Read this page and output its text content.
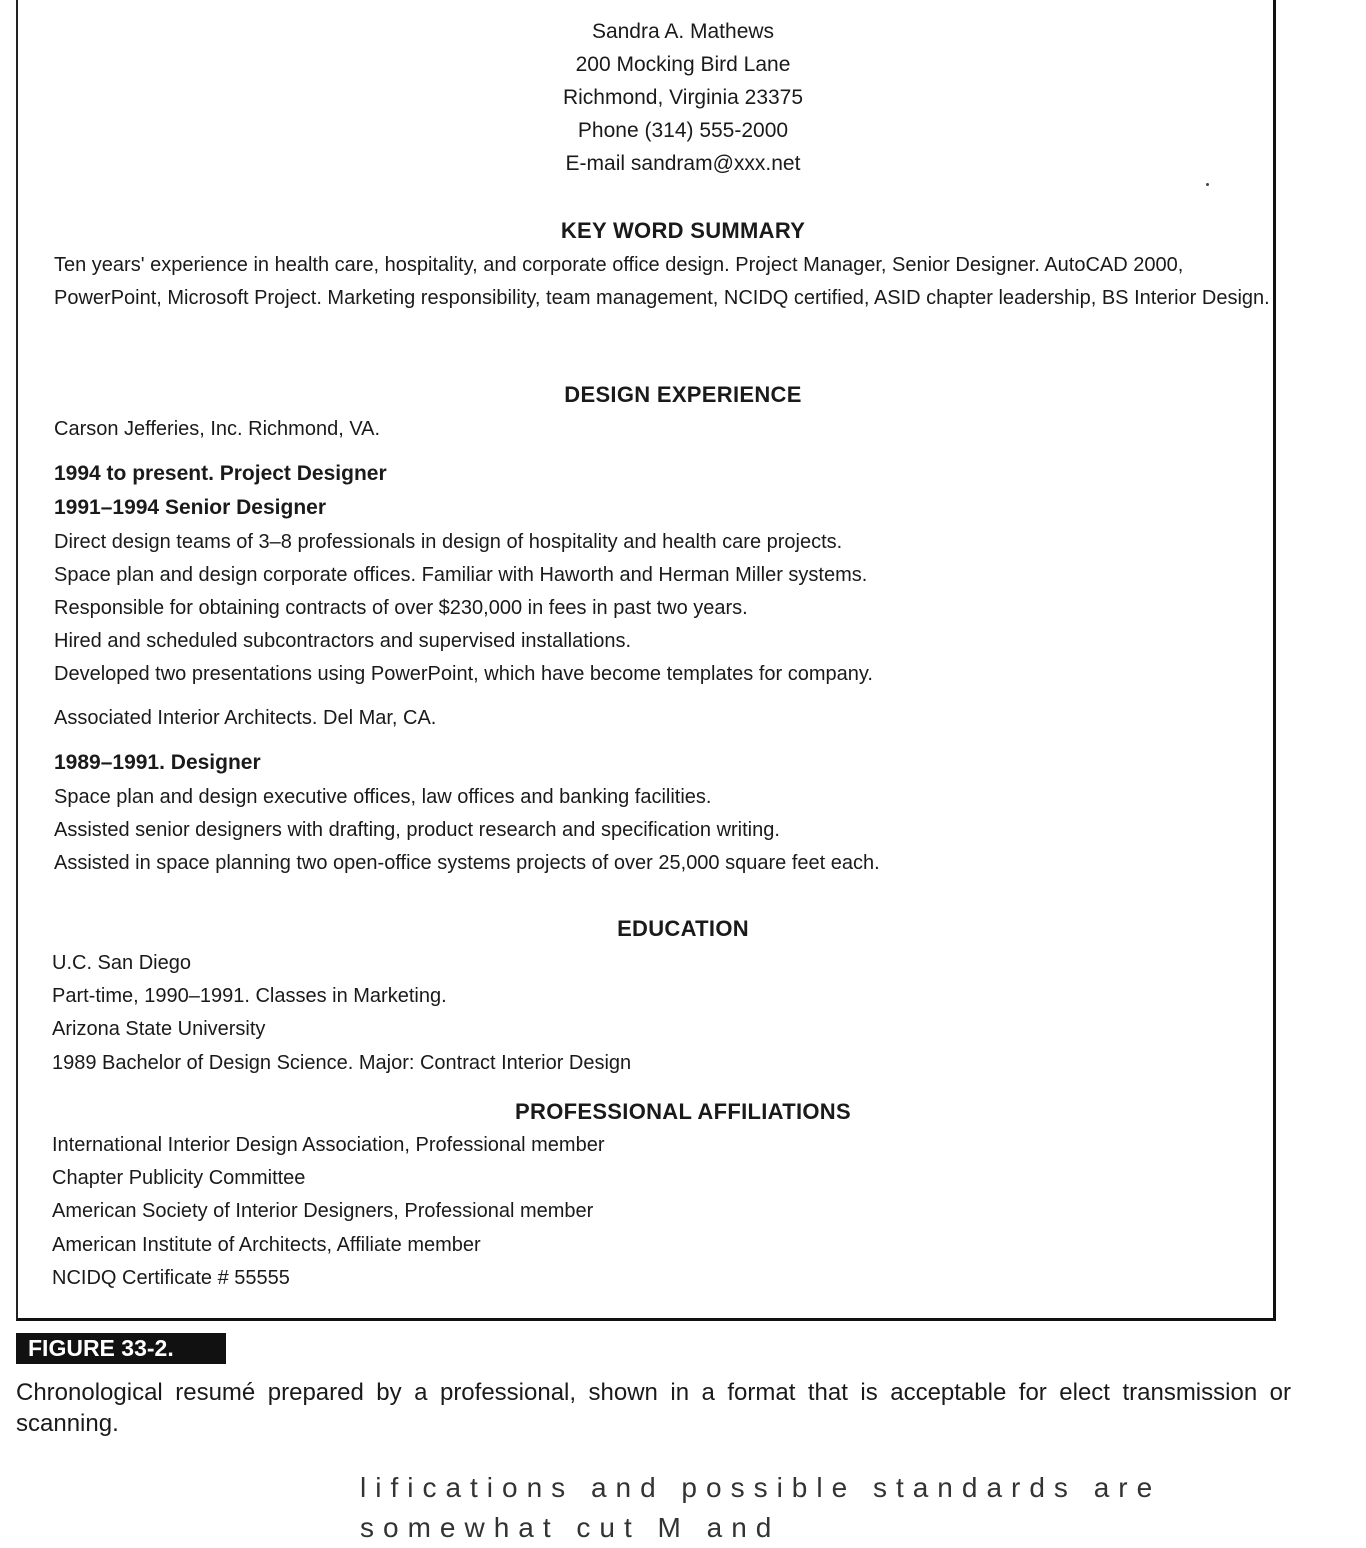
Sandra A. Mathews
200 Mocking Bird Lane
Richmond, Virginia 23375
Phone (314) 555-2000
E-mail sandram@xxx.net
KEY WORD SUMMARY
Ten years' experience in health care, hospitality, and corporate office design. Project Manager, Senior Designer. AutoCAD 2000, PowerPoint, Microsoft Project. Marketing responsibility, team management, NCIDQ certified, ASID chapter leadership, BS Interior Design.
DESIGN EXPERIENCE
Carson Jefferies, Inc. Richmond, VA.
1994 to present. Project Designer
1991–1994 Senior Designer
Direct design teams of 3–8 professionals in design of hospitality and health care projects.
Space plan and design corporate offices. Familiar with Haworth and Herman Miller systems.
Responsible for obtaining contracts of over $230,000 in fees in past two years.
Hired and scheduled subcontractors and supervised installations.
Developed two presentations using PowerPoint, which have become templates for company.
Associated Interior Architects. Del Mar, CA.
1989–1991. Designer
Space plan and design executive offices, law offices and banking facilities.
Assisted senior designers with drafting, product research and specification writing.
Assisted in space planning two open-office systems projects of over 25,000 square feet each.
EDUCATION
U.C. San Diego
Part-time, 1990–1991. Classes in Marketing.
Arizona State University
1989 Bachelor of Design Science. Major: Contract Interior Design
PROFESSIONAL AFFILIATIONS
International Interior Design Association, Professional member
Chapter Publicity Committee
American Society of Interior Designers, Professional member
American Institute of Architects, Affiliate member
NCIDQ Certificate # 55555
FIGURE 33-2.
Chronological resumé prepared by a professional, shown in a format that is acceptable for elect transmission or scanning.
lifications and possible standards are somewhat cut M and
